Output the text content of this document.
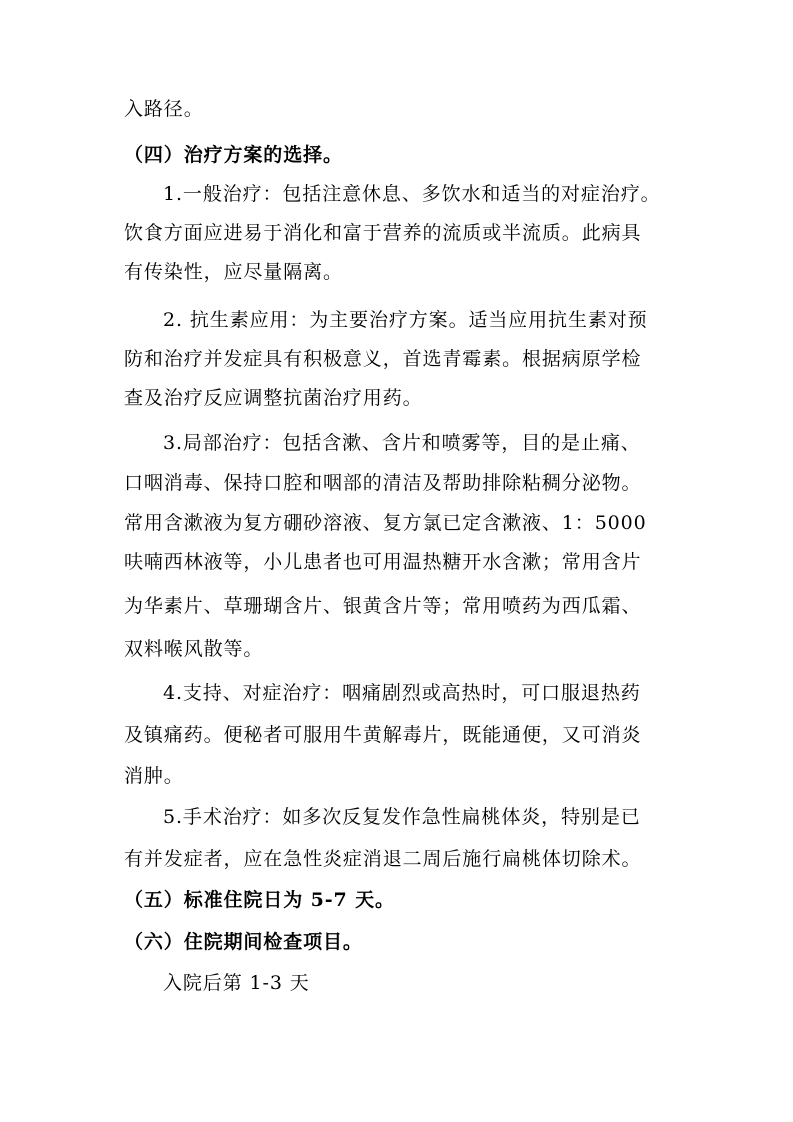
入路径。
（四）治疗方案的选择。
1.一般治疗：包括注意休息、多饮水和适当的对症治疗。
饮食方面应进易于消化和富于营养的流质或半流质。此病具
有传染性，应尽量隔离。
2. 抗生素应用：为主要治疗方案。适当应用抗生素对预
防和治疗并发症具有积极意义，首选青霉素。根据病原学检
查及治疗反应调整抗菌治疗用药。
3.局部治疗：包括含漱、含片和喷雾等，目的是止痛、
口咽消毒、保持口腔和咽部的清洁及帮助排除粘稠分泌物。
常用含漱液为复方硼砂溶液、复方氯已定含漱液、1：5000
呋喃西林液等，小儿患者也可用温热糖开水含漱；常用含片
为华素片、草珊瑚含片、银黄含片等；常用喷药为西瓜霜、
双料喉风散等。
4.支持、对症治疗：咽痛剧烈或高热时，可口服退热药
及镇痛药。便秘者可服用牛黄解毒片，既能通便，又可消炎
消肿。
5.手术治疗：如多次反复发作急性扁桃体炎，特别是已
有并发症者，应在急性炎症消退二周后施行扁桃体切除术。
（五）标准住院日为 5-7 天。
（六）住院期间检查项目。
入院后第 1-3 天
